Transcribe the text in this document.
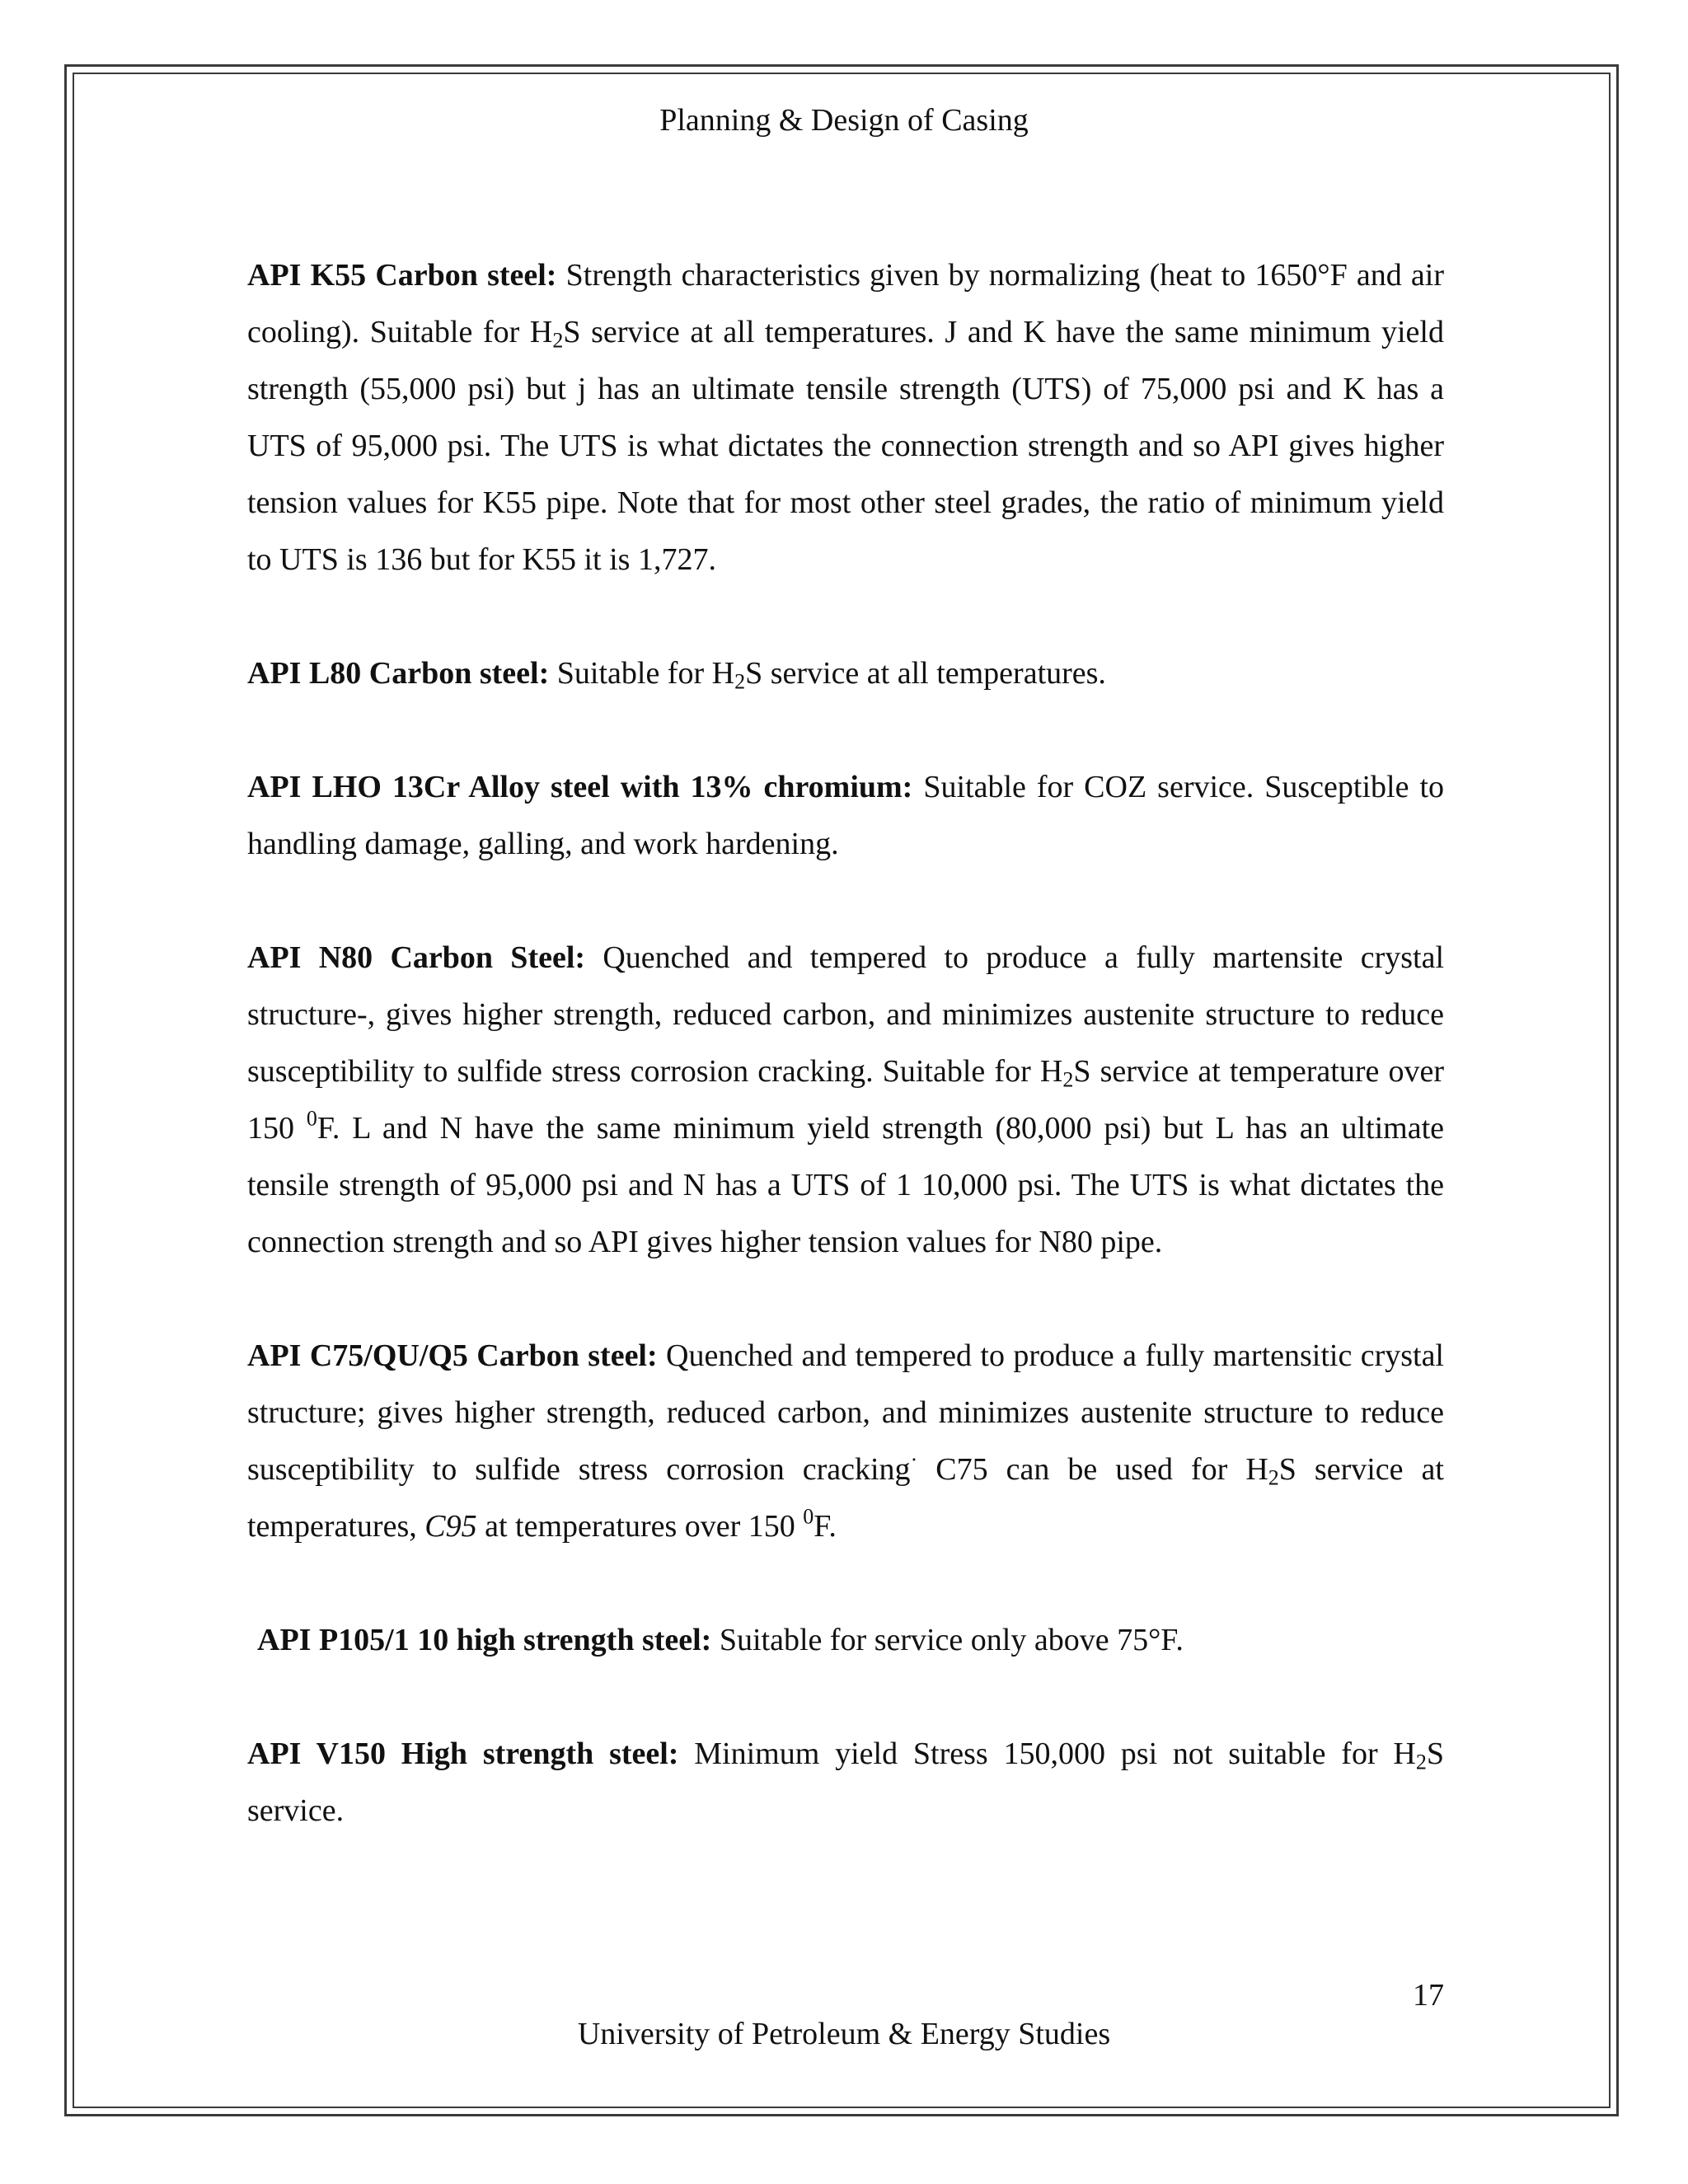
Planning & Design of Casing

API K55 Carbon steel: Strength characteristics given by normalizing (heat to 1650°F and air cooling). Suitable for $H_2S$ service at all temperatures. J and K have the same minimum yield strength (55,000 psi) but j has an ultimate tensile strength (UTS) of 75,000 psi and K has a UTS of 95,000 psi. The UTS is what dictates the connection strength and so API gives higher tension values for K55 pipe. Note that for most other steel grades, the ratio of minimum yield to UTS is 136 but for K55 it is 1,727.

API L80 Carbon steel: Suitable for $H_2S$ service at all temperatures.

API LHO 13Cr Alloy steel with 13% chromium: Suitable for COZ service. Susceptible to handling damage, galling, and work hardening.

API N80 Carbon Steel: Quenched and tempered to produce a fully martensite crystal structure-, gives higher strength, reduced carbon, and minimizes austenite structure to reduce susceptibility to sulfide stress corrosion cracking. Suitable for $H_2S$ service at temperature over 150 $^0$F. L and N have the same minimum yield strength (80,000 psi) but L has an ultimate tensile strength of 95,000 psi and N has a UTS of 1 10,000 psi. The UTS is what dictates the connection strength and so API gives higher tension values for N80 pipe.

API C75/QU/Q5 Carbon steel: Quenched and tempered to produce a fully martensitic crystal structure; gives higher strength, reduced carbon, and minimizes austenite structure to reduce susceptibility to sulfide stress corrosion cracking· C75 can be used for $H_2S$ service at temperatures, C95 at temperatures over 150 $^0$F.

API P105/1 10 high strength steel: Suitable for service only above 75°F.

API V150 High strength steel: Minimum yield Stress 150,000 psi not suitable for $H_2S$ service.

17
University of Petroleum & Energy Studies
